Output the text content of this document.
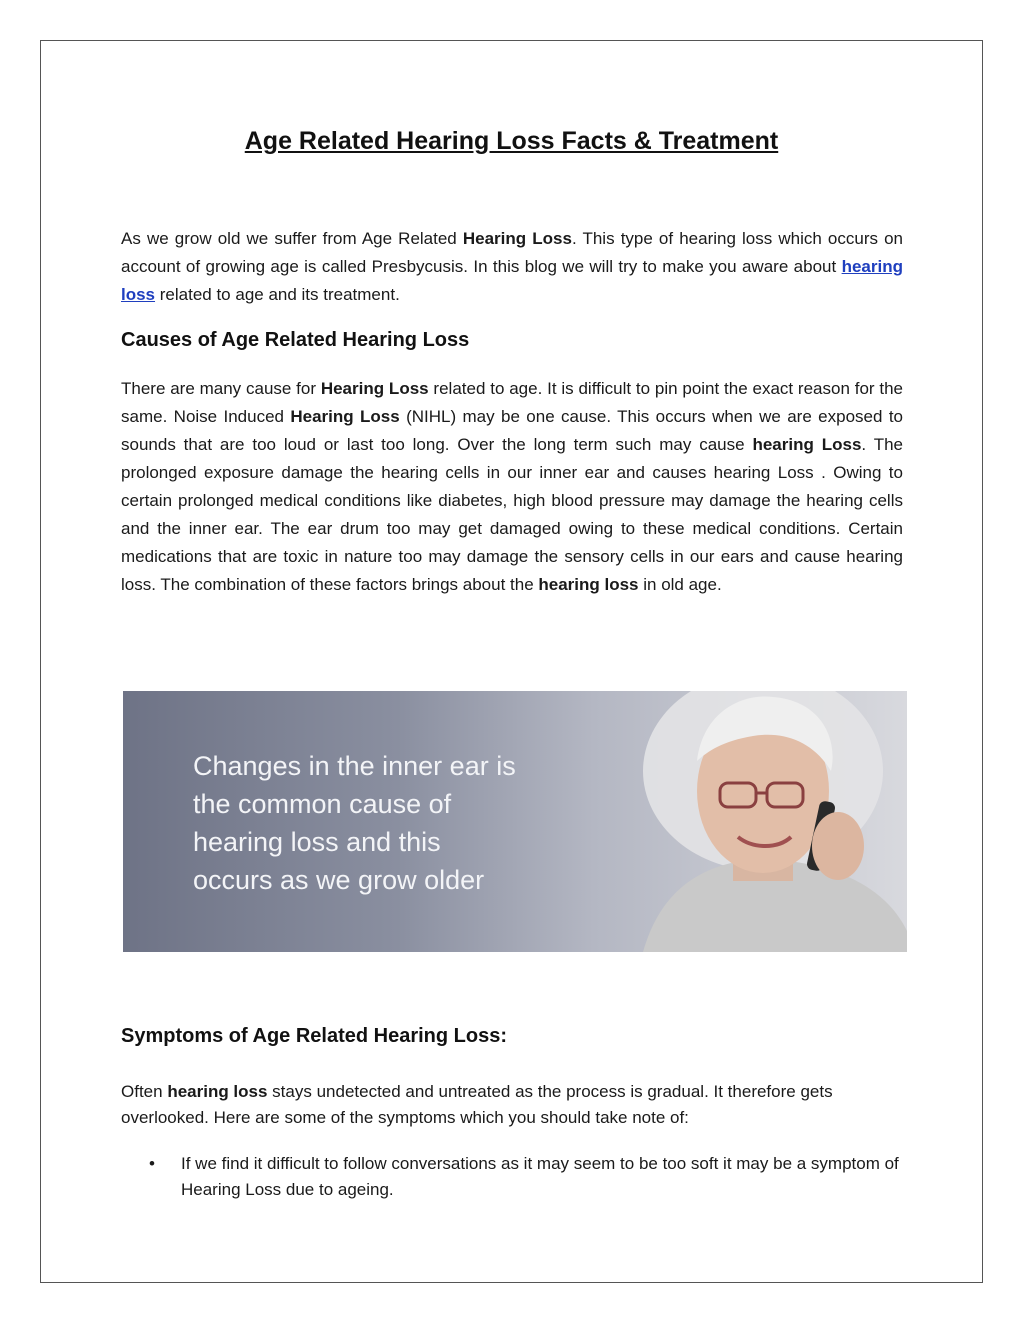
Age Related Hearing Loss Facts & Treatment

As we grow old we suffer from Age Related Hearing Loss. This type of hearing loss which occurs on account of growing age is called Presbycusis. In this blog we will try to make you aware about hearing loss related to age and its treatment.

Causes of Age Related Hearing Loss

There are many cause for Hearing Loss related to age. It is difficult to pin point the exact reason for the same. Noise Induced Hearing Loss (NIHL) may be one cause. This occurs when we are exposed to sounds that are too loud or last too long. Over the long term such may cause hearing Loss. The prolonged exposure damage the hearing cells in our inner ear and causes hearing Loss . Owing to certain prolonged medical conditions like diabetes, high blood pressure may damage the hearing cells and the inner ear. The ear drum too may get damaged owing to these medical conditions. Certain medications that are toxic in nature too may damage the sensory cells in our ears and cause hearing loss. The combination of these factors brings about the hearing loss in old age.

Changes in the inner ear is
the common cause of
hearing loss and this
occurs as we grow older
Symptoms of Age Related Hearing Loss:

Often hearing loss stays undetected and untreated as the process is gradual. It therefore gets overlooked. Here are some of the symptoms which you should take note of:

• If we find it difficult to follow conversations as it may seem to be too soft it may be a symptom of Hearing Loss due to ageing.
